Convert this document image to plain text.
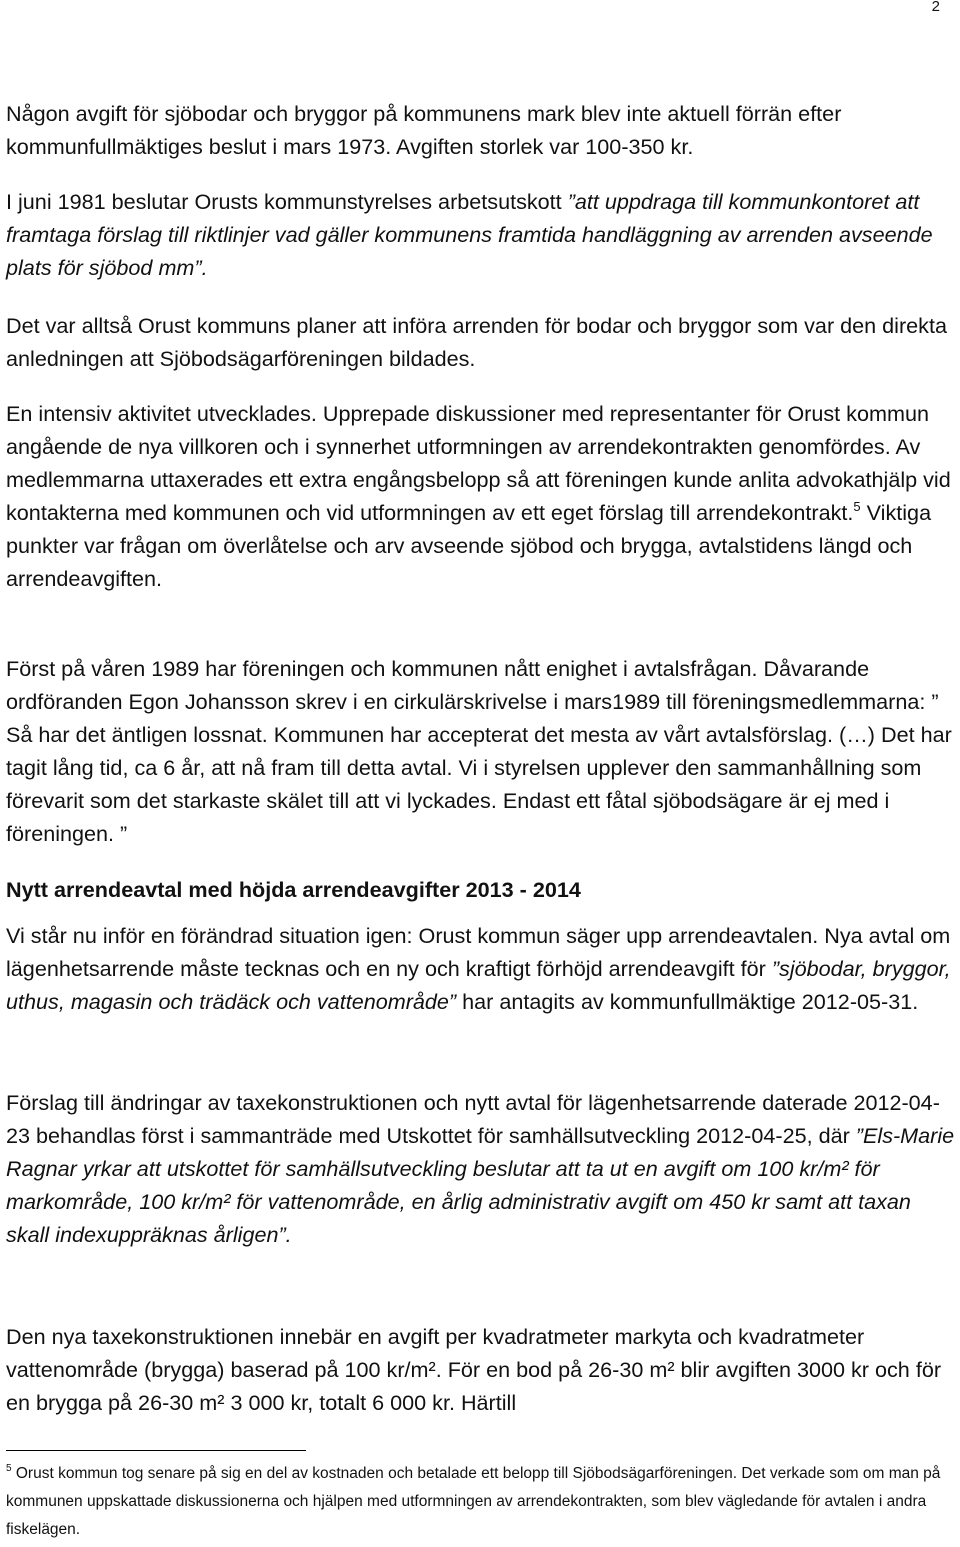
2

Någon avgift för sjöbodar och bryggor på kommunens mark blev inte aktuell förrän efter kommunfullmäktiges beslut i mars 1973. Avgiften storlek var 100-350 kr.

I juni 1981 beslutar Orusts kommunstyrelses arbetsutskott ”att uppdraga till kommunkontoret att framtaga förslag till riktlinjer vad gäller kommunens framtida handläggning av arrenden avseende plats för sjöbod mm”.

Det var alltså Orust kommuns planer att införa arrenden för bodar och bryggor som var den direkta anledningen att Sjöbodsägarföreningen bildades.

En intensiv aktivitet utvecklades. Upprepade diskussioner med representanter för Orust kommun angående de nya villkoren och i synnerhet utformningen av arrendekontrakten genomfördes. Av medlemmarna uttaxerades ett extra engångsbelopp så att föreningen kunde anlita advokathjälp vid kontakterna med kommunen och vid utformningen av ett eget förslag till arrendekontrakt.$^5$ Viktiga punkter var frågan om överlåtelse och arv avseende sjöbod och brygga, avtalstidens längd och arrendeavgiften.

Först på våren 1989 har föreningen och kommunen nått enighet i avtalsfrågan. Dåvarande ordföranden Egon Johansson skrev i en cirkulärskrivelse i mars1989 till föreningsmedlemmarna: ” Så har det äntligen lossnat. Kommunen har accepterat det mesta av vårt avtalsförslag. (…) Det har tagit lång tid, ca 6 år, att nå fram till detta avtal. Vi i styrelsen upplever den sammanhållning som förevarit som det starkaste skälet till att vi lyckades. Endast ett fåtal sjöbodsägare är ej med i föreningen. ”

Nytt arrendeavtal med höjda arrendeavgifter 2013 - 2014

Vi står nu inför en förändrad situation igen: Orust kommun säger upp arrendeavtalen. Nya avtal om lägenhetsarrende måste tecknas och en ny och kraftigt förhöjd arrendeavgift för ”sjöbodar, bryggor, uthus, magasin och trädäck och vattenområde” har antagits av kommunfullmäktige 2012-05-31.

Förslag till ändringar av taxekonstruktionen och nytt avtal för lägenhetsarrende daterade 2012-04-23 behandlas först i sammanträde med Utskottet för samhällsutveckling 2012-04-25, där ”Els-Marie Ragnar yrkar att utskottet för samhällsutveckling beslutar att ta ut en avgift om 100 kr/m² för markområde, 100 kr/m² för vattenområde, en årlig administrativ avgift om 450 kr samt att taxan skall indexuppräknas årligen”.

Den nya taxekonstruktionen innebär en avgift per kvadratmeter markyta och kvadratmeter vattenområde (brygga) baserad på 100 kr/m². För en bod på 26-30 m² blir avgiften 3000 kr och för en brygga på 26-30 m² 3 000 kr, totalt 6 000 kr. Härtill

$^5$ Orust kommun tog senare på sig en del av kostnaden och betalade ett belopp till Sjöbodsägarföreningen. Det verkade som om man på kommunen uppskattade diskussionerna och hjälpen med utformningen av arrendekontrakten, som blev vägledande för avtalen i andra fiskelägen.
